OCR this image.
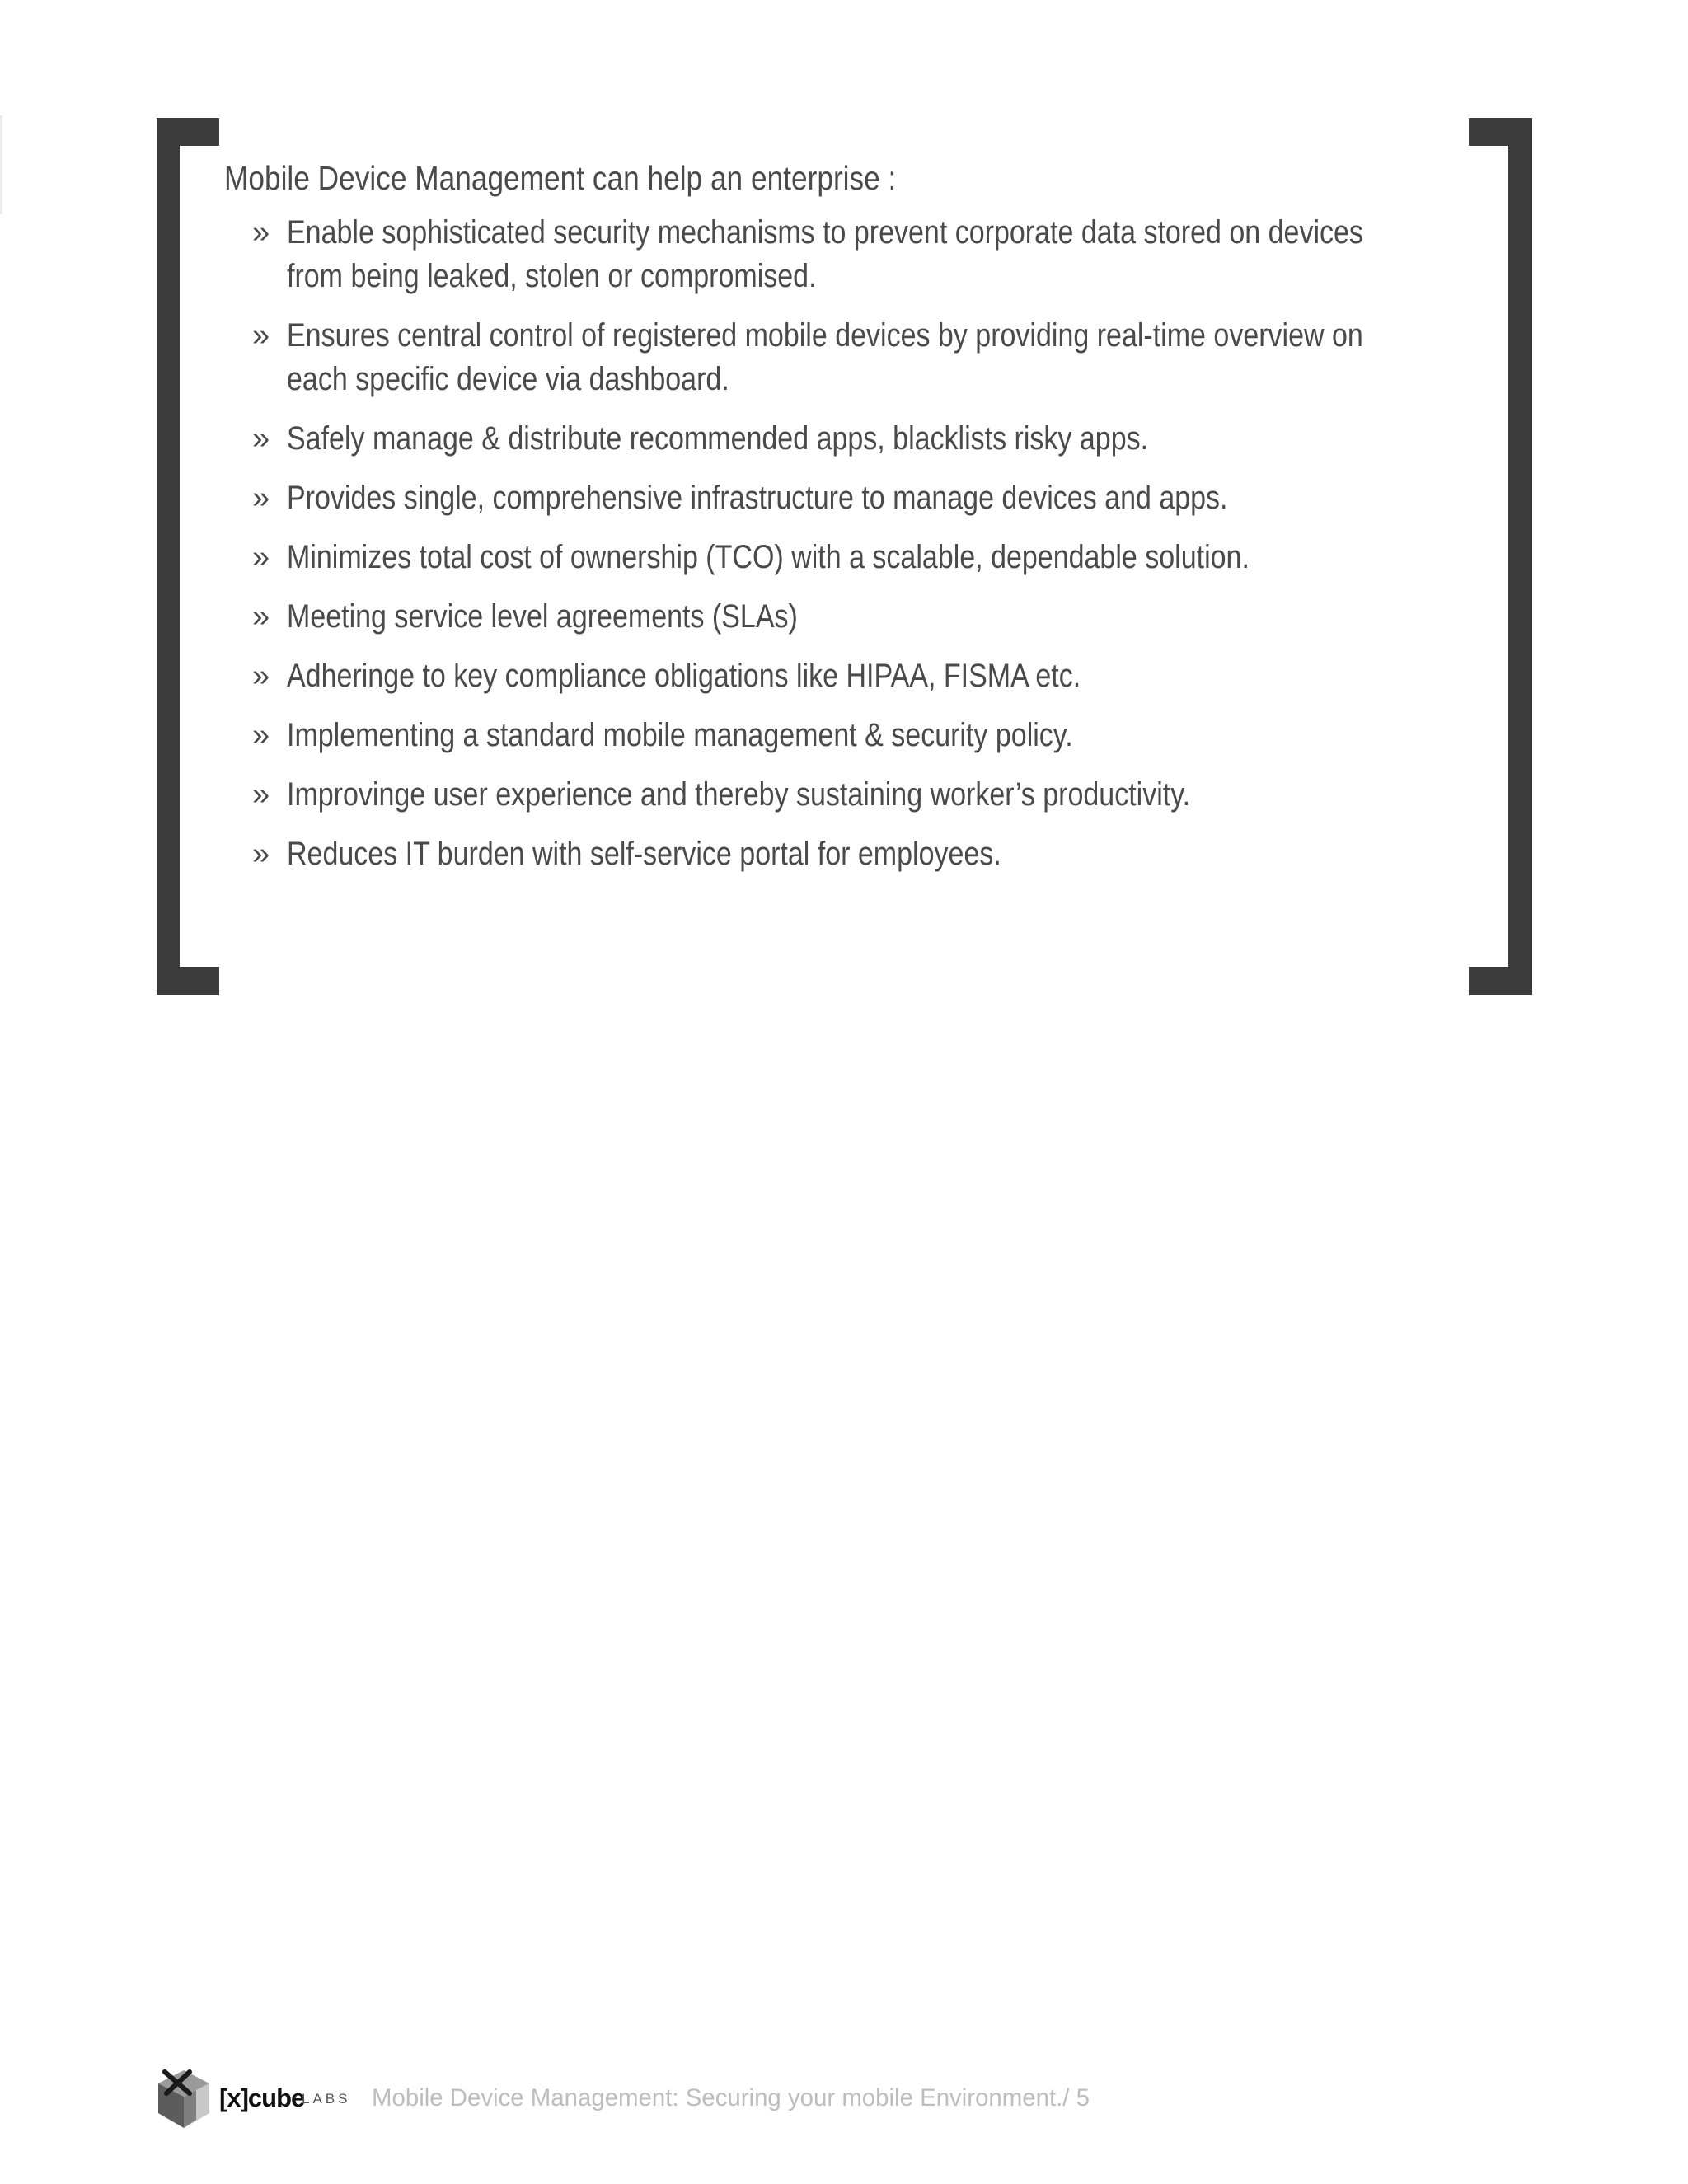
Mobile Device Management can help an enterprise :
» Enable sophisticated security mechanisms to prevent corporate data stored on devices from being leaked, stolen or compromised.
» Ensures central control of registered mobile devices by providing real-time overview on each specific device via dashboard.
» Safely manage & distribute recommended apps, blacklists risky apps.
» Provides single, comprehensive infrastructure to manage devices and apps.
» Minimizes total cost of ownership (TCO) with a scalable, dependable solution.
» Meeting service level agreements (SLAs)
» Adheringe to key compliance obligations like HIPAA, FISMA etc.
» Implementing a standard mobile management & security policy.
» Improvinge user experience and thereby sustaining worker’s productivity.
» Reduces IT burden with self-service portal for employees.
[x]cube
LABS Mobile Device Management: Securing your mobile Environment./ 5
